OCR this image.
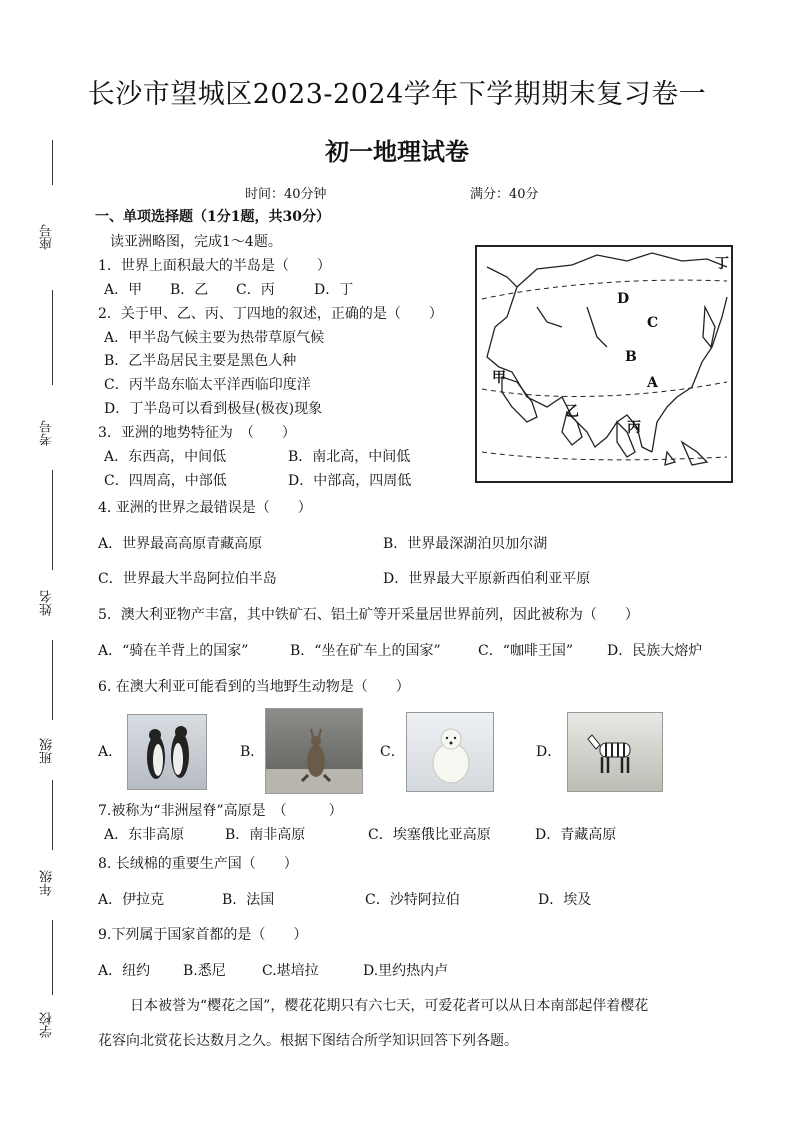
长沙市望城区2023-2024学年下学期期末复习卷一
初一地理试卷
时间：40分钟	满分：40分
座号
考号
姓名
班级
年级
学校
一、单项选择题（1分1题，共30分）
读亚洲略图，完成1～4题。
1．世界上面积最大的半岛是（　　）
A．甲 B．乙 C．丙	D．丁
2．关于甲、乙、丙、丁四地的叙述，正确的是（　　）
A．甲半岛气候主要为热带草原气候
B．乙半岛居民主要是黑色人种
C．丙半岛东临太平洋西临印度洋
D．丁半岛可以看到极昼(极夜)现象
3．亚洲的地势特征为　（　　）
A．东西高，中间低	B．南北高，中间低
C．四周高，中部低	D．中部高，四周低
甲
乙
丙
丁
A
B
C
D
4. 亚洲的世界之最错误是（　　）
A．世界最高高原青藏高原	B．世界最深湖泊贝加尔湖
C．世界最大半岛阿拉伯半岛	D．世界最大平原新西伯利亚平原
5．澳大利亚物产丰富，其中铁矿石、铝土矿等开采量居世界前列，因此被称为（　　）
A．“骑在羊背上的国家”	B．“坐在矿车上的国家”	C．“咖啡王国” D．民族大熔炉
6. 在澳大利亚可能看到的当地野生动物是（　　）
A．	B．	C．	D．
7.被称为“非洲屋脊”高原是　（　　　）
A．东非高原	B．南非高原	C．埃塞俄比亚高原	D．青藏高原
8. 长绒棉的重要生产国（　　）
A．伊拉克	B．法国	C．沙特阿拉伯	D．埃及
9.下列属于国家首都的是（　　）
A．纽约 B.悉尼	C.堪培拉	D.里约热内卢
日本被誉为“樱花之国”，樱花花期只有六七天，可爱花者可以从日本南部起伴着樱花
花容向北赏花长达数月之久。根据下图结合所学知识回答下列各题。
